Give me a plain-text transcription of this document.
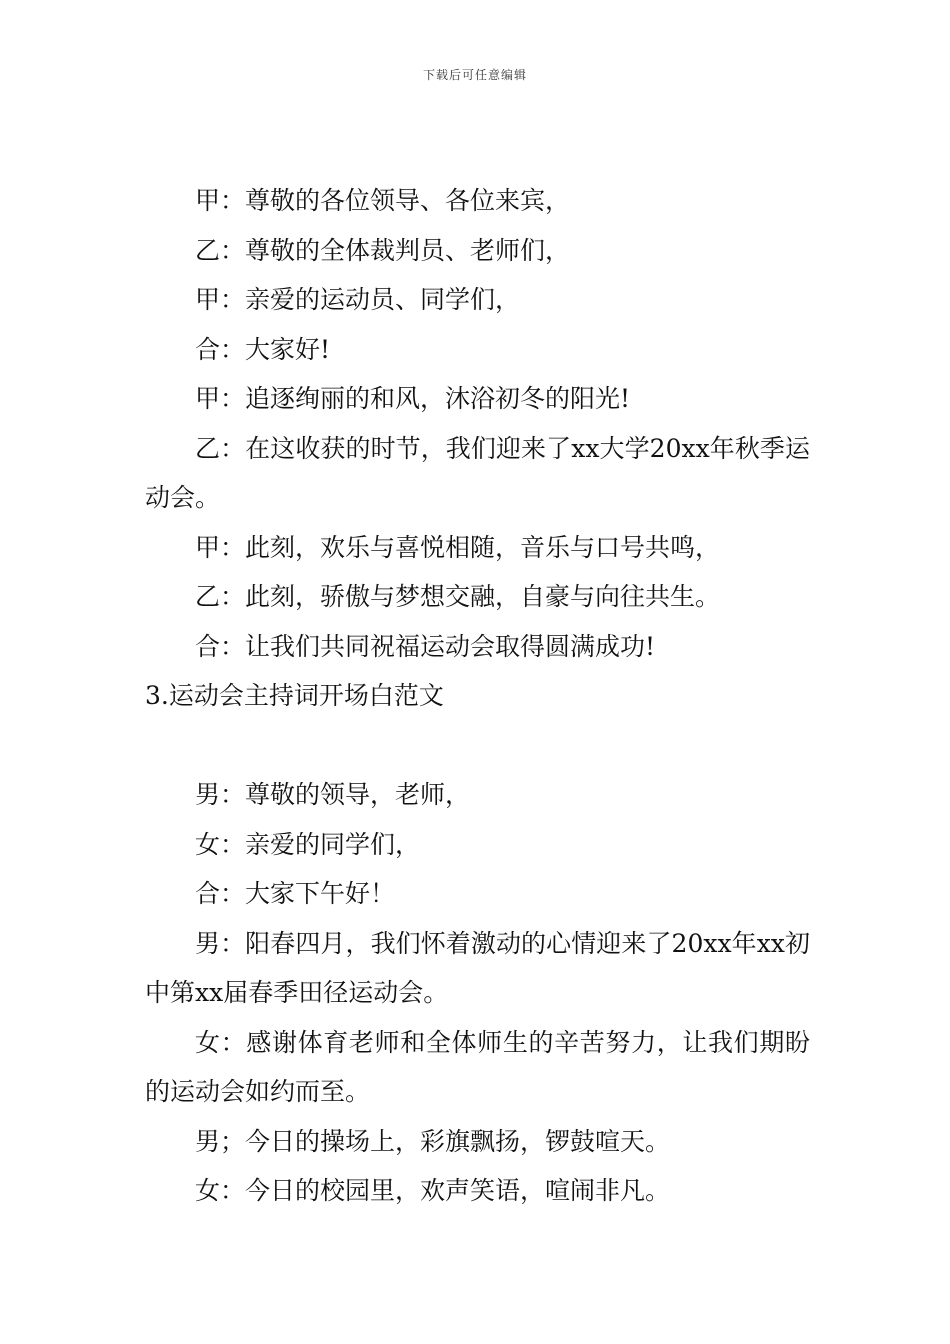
下载后可任意编辑

甲：尊敬的各位领导、各位来宾，

乙：尊敬的全体裁判员、老师们，

甲：亲爱的运动员、同学们，

合：大家好!

甲：追逐绚丽的和风，沐浴初冬的阳光!

乙：在这收获的时节，我们迎来了xx大学20xx年秋季运动会。

甲：此刻，欢乐与喜悦相随，音乐与口号共鸣，

乙：此刻，骄傲与梦想交融，自豪与向往共生。

合：让我们共同祝福运动会取得圆满成功!

3.运动会主持词开场白范文

男：尊敬的领导，老师，

女：亲爱的同学们，

合：大家下午好！

男：阳春四月，我们怀着激动的心情迎来了20xx年xx初中第xx届春季田径运动会。

女：感谢体育老师和全体师生的辛苦努力，让我们期盼的运动会如约而至。

男；今日的操场上，彩旗飘扬，锣鼓喧天。

女：今日的校园里，欢声笑语，喧闹非凡。
